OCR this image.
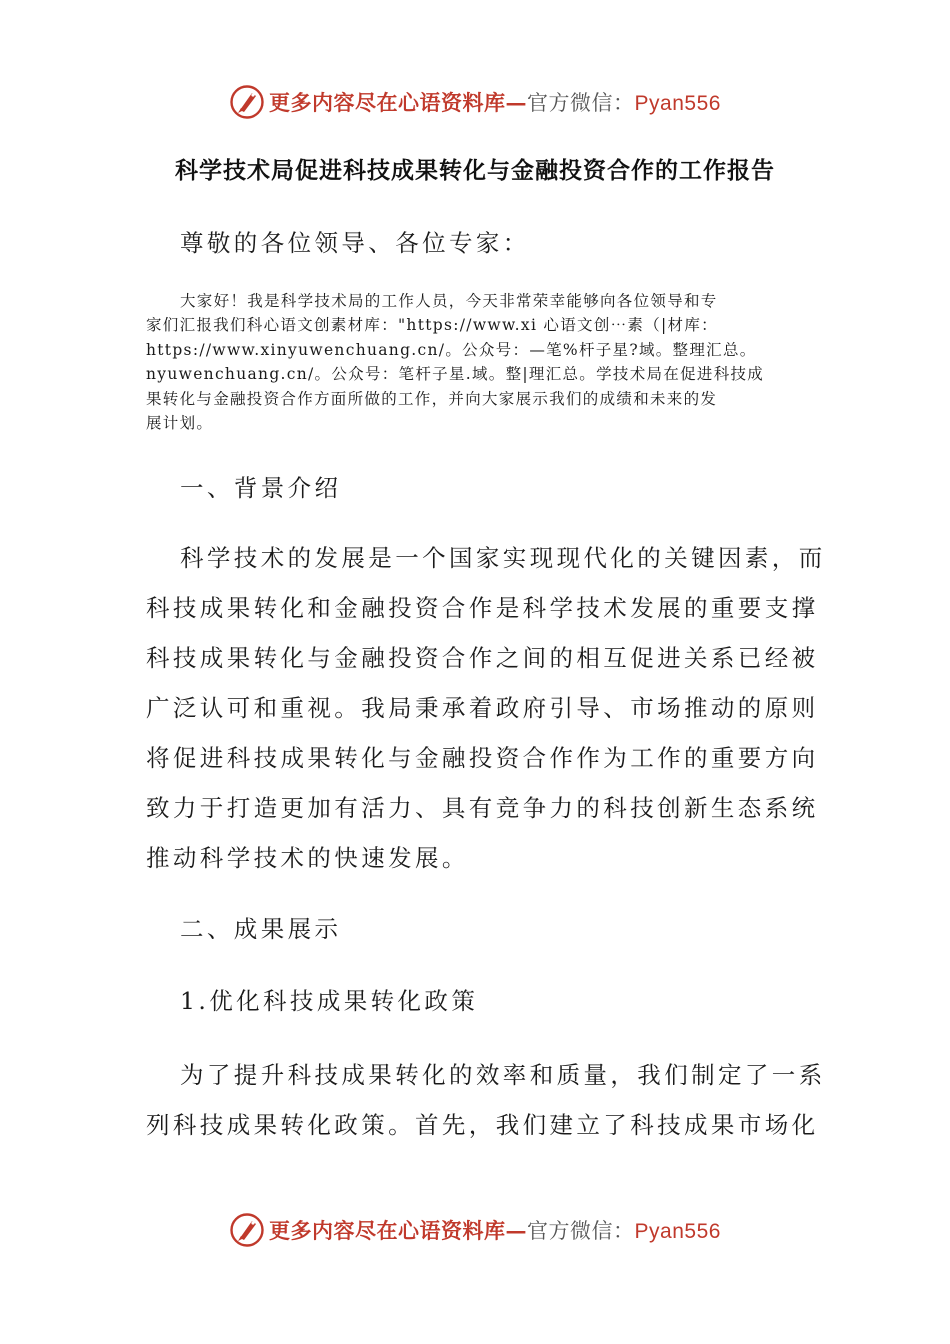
更多内容尽在心语资料库—官方微信：Pyan556
科学技术局促进科技成果转化与金融投资合作的工作报告

尊敬的各位领导、各位专家：

大家好！我是科学技术局的工作人员，今天非常荣幸能够向各位领导和专
家们汇报我们科心语文创素材库："https://www.xi 心语文创⋯素（|材库：
https://www.xinyuwenchuang.cn/。公众号：—笔%杆子星?域。整理汇总。
nyuwenchuang.cn/。公众号：笔杆子星.域。整|理汇总。学技术局在促进科技成
果转化与金融投资合作方面所做的工作，并向大家展示我们的成绩和未来的发
展计划。

一、背景介绍

科学技术的发展是一个国家实现现代化的关键因素，而
科技成果转化和金融投资合作是科学技术发展的重要支撑
科技成果转化与金融投资合作之间的相互促进关系已经被
广泛认可和重视。我局秉承着政府引导、市场推动的原则
将促进科技成果转化与金融投资合作作为工作的重要方向
致力于打造更加有活力、具有竞争力的科技创新生态系统
推动科学技术的快速发展。

二、成果展示

1.优化科技成果转化政策

为了提升科技成果转化的效率和质量，我们制定了一系
列科技成果转化政策。首先，我们建立了科技成果市场化
更多内容尽在心语资料库—官方微信：Pyan556
